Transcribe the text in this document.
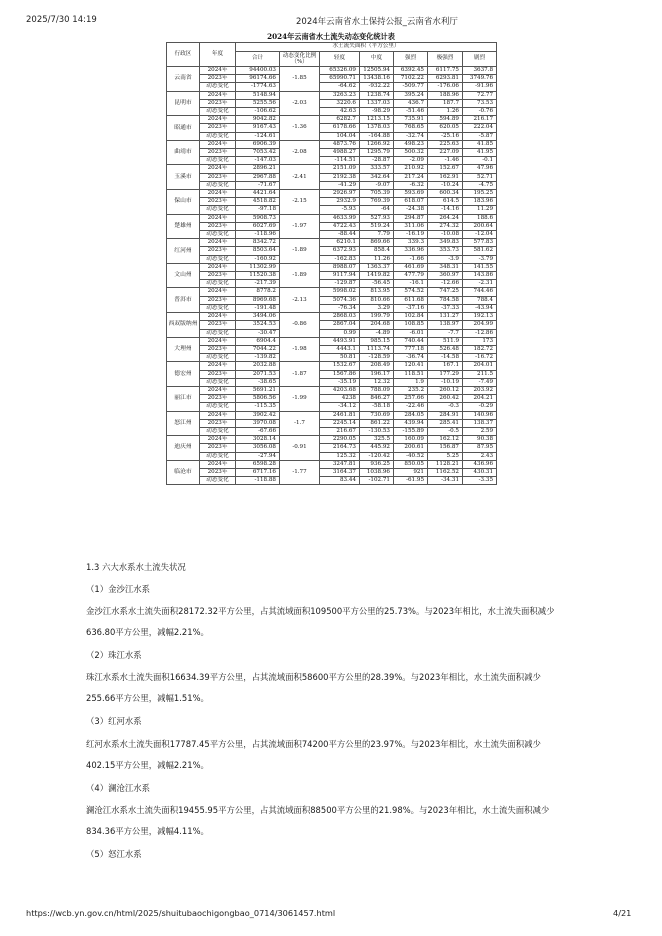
2025/7/30 14:19	2024年云南省水土保持公报_云南省水利厅
2024年云南省水土流失动态变化统计表
行政区	年度	水土流失面积（平方公里）						
		合计	动态变化比例（%）	轻度	中度	强烈	极强烈	剧烈
云南省	2024年	94400.03	-1.85	65326.09	12505.94	6392.45	6117.75	3637.8
	2023年	96174.66		65990.71	13438.16	7102.22	6293.81	3749.76
	动态变化	-1774.63		-64.62	-932.22	-509.77	-176.06	-91.96
昆明市	2024年	5148.94	-2.03	3263.23	1238.74	395.24	188.96	72.77
	2023年	5255.56		3220.6	1337.03	436.7	187.7	73.53
	动态变化	-106.62		42.63	-98.29	-51.46	1.26	-0.76
昭通市	2024年	9042.82	-1.36	6282.7	1213.15	735.91	594.89	216.17
	2023年	9167.43		6178.66	1378.03	768.65	620.05	222.04
	动态变化	-124.61		104.04	-164.88	-32.74	-25.16	-5.87
曲靖市	2024年	6906.39	-2.08	4873.76	1266.92	498.23	225.63	41.85
	2023年	7053.42		4988.27	1295.79	500.32	227.09	41.95
	动态变化	-147.03		-114.51	-28.87	-2.09	-1.46	-0.1
玉溪市	2024年	2896.21	-2.41	2151.09	333.57	210.92	152.67	47.96
	2023年	2967.88		2192.38	342.64	217.24	162.91	52.71
	动态变化	-71.67		-41.29	-9.07	-6.32	-10.24	-4.75
保山市	2024年	4421.64	-2.15	2926.97	705.39	593.69	600.34	195.25
	2023年	4518.82		2932.9	769.39	618.07	614.5	183.96
	动态变化	-97.18		-5.93	-64	-24.38	-14.16	11.29
楚雄州	2024年	5908.73	-1.97	4633.99	527.93	294.87	264.24	188.6
	2023年	6027.69		4722.43	519.24	311.06	274.32	200.64
	动态变化	-118.96		-88.44	7.79	-16.19	-10.08	-12.04
红河州	2024年	8342.72	-1.89	6210.1	869.66	339.3	349.83	577.83
	2023年	8503.64		6372.93	858.4	336.96	353.73	581.62
	动态变化	-160.92		-162.83	11.26	-1.66	-3.9	-3.79
文山州	2024年	11302.99	-1.89	8988.07	1363.37	461.69	348.31	141.55
	2023年	11520.38		9117.94	1419.82	477.79	360.97	143.86
	动态变化	-217.39		-129.87	-56.45	-16.1	-12.66	-2.31
普洱市	2024年	8778.2	-2.13	5998.02	813.95	574.52	747.25	744.46
	2023年	8969.68		5074.36	810.66	611.68	784.58	788.4
	动态变化	-191.48		-76.34	3.29	-37.16	-37.33	-43.94
西双版纳州	2024年	3494.06	-0.86	2868.03	199.79	102.84	131.27	192.13
	2023年	3524.53		2867.04	204.68	108.85	138.97	204.99
	动态变化	-30.47		0.99	-4.89	-6.01	-7.7	-12.86
大理州	2024年	6904.4	-1.98	4493.91	985.15	740.44	511.9	173
	2023年	7044.22		4443.1	1113.74	777.18	526.48	182.72
	动态变化	-139.82		50.81	-128.59	-36.74	-14.58	-16.72
德宏州	2024年	2032.88	-1.87	1532.67	208.49	120.41	167.1	204.01
	2023年	2071.53		1567.86	196.17	118.51	177.29	211.5
	动态变化	-38.65		-35.19	12.32	1.9	-10.19	-7.49
丽江市	2024年	5691.21	-1.99	4203.68	788.09	235.2	260.12	203.92
	2023年	5806.56		4238	846.27	257.66	260.42	204.21
	动态变化	-115.35		-34.12	-58.18	-22.46	-0.3	-0.29
怒江州	2024年	3902.42	-1.7	2461.81	730.69	284.05	284.91	140.96
	2023年	3970.08		2245.14	861.22	439.94	285.41	138.37
	动态变化	-67.66		216.67	-130.53	-155.89	-0.5	2.59
迪庆州	2024年	3028.14	-0.91	2290.05	325.5	160.09	162.12	90.38
	2023年	3056.08		2164.73	445.92	200.61	156.87	87.95
	动态变化	-27.94		125.32	-120.42	-40.52	5.25	2.43
临沧市	2024年	6598.28	-1.77	3247.81	936.25	850.05	1128.21	436.96
	2023年	6717.16		3164.37	1038.96	921	1162.52	430.31
	动态变化	-118.88		83.44	-102.71	-61.95	-34.31	-3.35
1.3 六大水系水土流失状况
（1）金沙江水系
金沙江水系水土流失面积28172.32平方公里，占其流域面积109500平方公里的25.73%。与2023年相比，水土流失面积减少
636.80平方公里，减幅2.21%。
（2）珠江水系
珠江水系水土流失面积16634.39平方公里，占其流域面积58600平方公里的28.39%。与2023年相比，水土流失面积减少
255.66平方公里，减幅1.51%。
（3）红河水系
红河水系水土流失面积17787.45平方公里，占其流域面积74200平方公里的23.97%。与2023年相比，水土流失面积减少
402.15平方公里，减幅2.21%。
（4）澜沧江水系
澜沧江水系水土流失面积19455.95平方公里，占其流域面积88500平方公里的21.98%。与2023年相比，水土流失面积减少
834.36平方公里，减幅4.11%。
（5）怒江水系
https://wcb.yn.gov.cn/html/2025/shuitubaochigongbao_0714/3061457.html	4/21
